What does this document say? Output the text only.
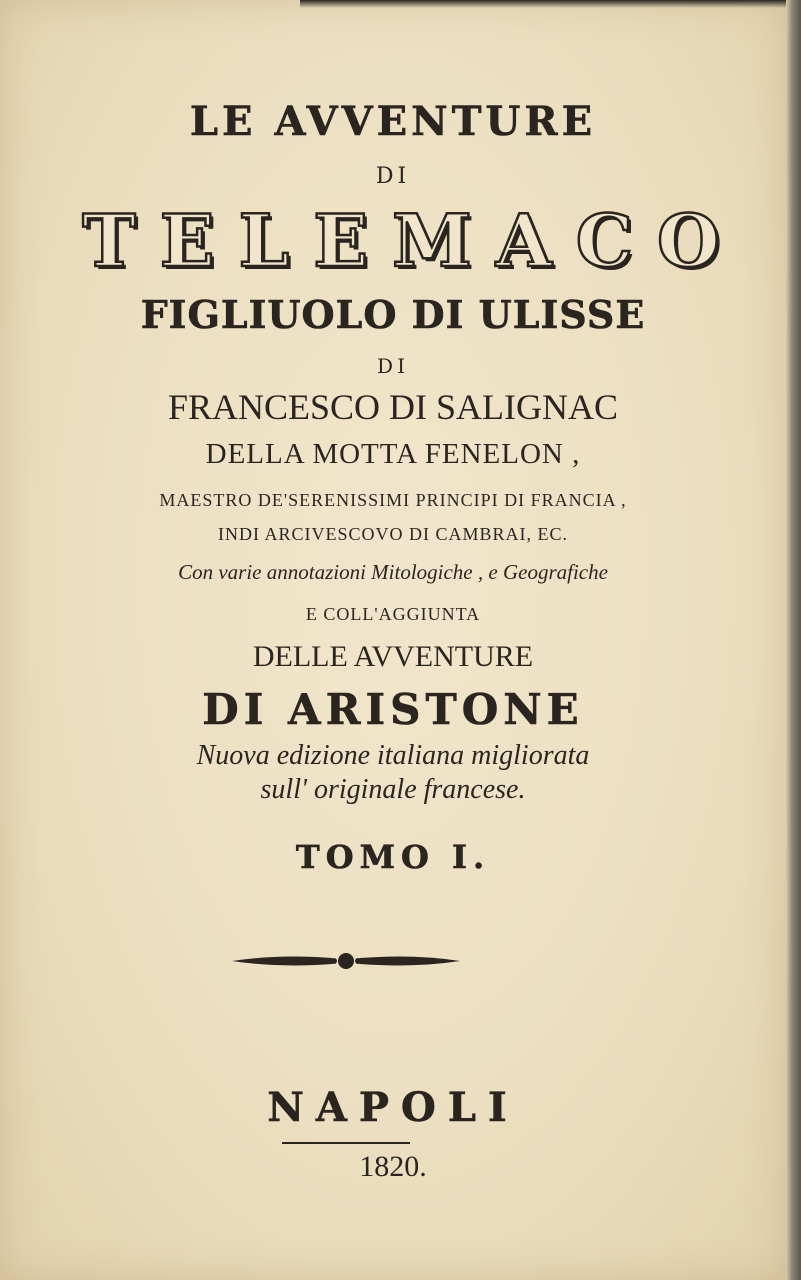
LE AVVENTURE

DI

TELEMACO

FIGLIUOLO DI ULISSE

DI

FRANCESCO DI SALIGNAC

DELLA MOTTA FENELON ,

MAESTRO DE'SERENISSIMI PRINCIPI DI FRANCIA ,

INDI ARCIVESCOVO DI CAMBRAI, EC.

Con varie annotazioni Mitologiche , e Geografiche

E COLL'AGGIUNTA

DELLE AVVENTURE

DI ARISTONE

Nuova edizione italiana migliorata

sull' originale francese.

TOMO I.

NAPOLI

1820.
